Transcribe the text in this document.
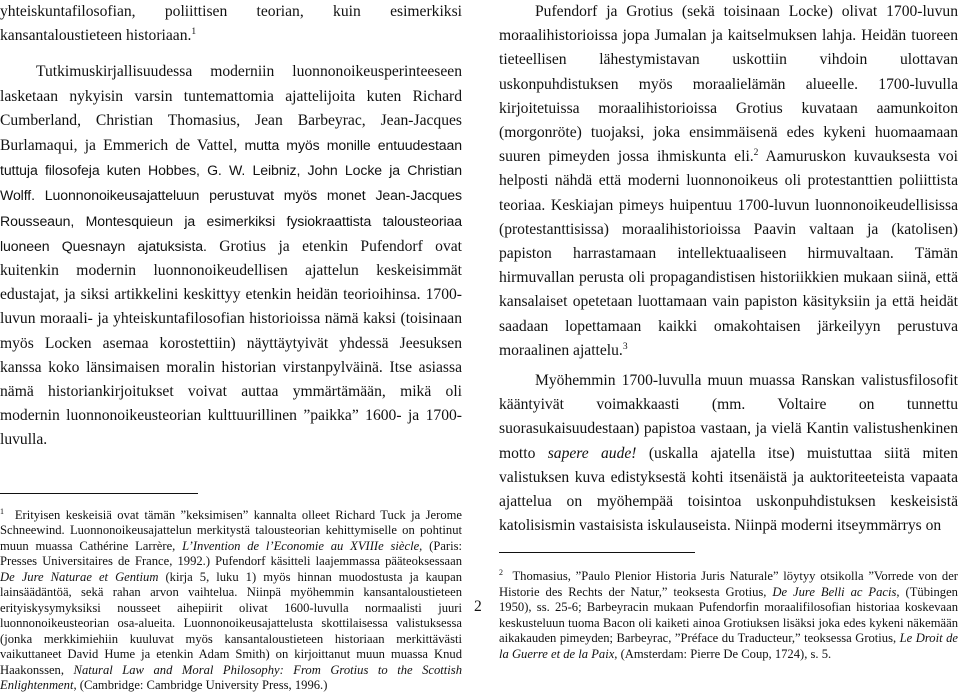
yhteiskuntafilosofian, poliittisen teorian, kuin esimerkiksi kansantaloustieteen historiaan.$^1$

Tutkimuskirjallisuudessa moderniin luonnonoikeusperinteeseen lasketaan nykyisin varsin tuntemattomia ajattelijoita kuten Richard Cumberland, Christian Thomasius, Jean Barbeyrac, Jean-Jacques Burlamaqui, ja Emmerich de Vattel, mutta myös monille entuudestaan tuttuja filosofeja kuten Hobbes, G. W. Leibniz, John Locke ja Christian Wolff. Luonnonoikeusajatteluun perustuvat myös monet Jean-Jacques Rousseaun, Montesquieun ja esimerkiksi fysiokraattista talousteoriaa luoneen Quesnayn ajatuksista. Grotius ja etenkin Pufendorf ovat kuitenkin modernin luonnonoikeudellisen ajattelun keskeisimmät edustajat, ja siksi artikkelini keskittyy etenkin heidän teorioihinsa. 1700-luvun moraali- ja yhteiskuntafilosofian historioissa nämä kaksi (toisinaan myös Locken asemaa korostettiin) näyttäytyivät yhdessä Jeesuksen kanssa koko länsimaisen moralin historian virstanpylväinä. Itse asiassa nämä historiankirjoitukset voivat auttaa ymmärtämään, mikä oli modernin luonnonoikeusteorian kulttuurillinen ”paikka” 1600- ja 1700-luvulla.

$^1$ Erityisen keskeisiä ovat tämän ”keksimisen” kannalta olleet Richard Tuck ja Jerome Schneewind. Luonnonoikeusajattelun merkitystä talousteorian kehittymiselle on pohtinut muun muassa Cathérine Larrère, L’Invention de l’Economie au XVIIIe siècle, (Paris: Presses Universitaires de France, 1992.) Pufendorf käsitteli laajemmassa pääteoksessaan De Jure Naturae et Gentium (kirja 5, luku 1) myös hinnan muodostusta ja kaupan lainsäädäntöä, sekä rahan arvon vaihtelua. Niinpä myöhemmin kansantaloustieteen erityiskysymyksiksi nousseet aihepiirit olivat 1600-luvulla normaalisti juuri luonnonoikeusteorian osa-alueita. Luonnonoikeusajattelusta skottilaisessa valistuksessa (jonka merkkimiehiin kuuluvat myös kansantaloustieteen historiaan merkittävästi vaikuttaneet David Hume ja etenkin Adam Smith) on kirjoittanut muun muassa Knud Haakonssen, Natural Law and Moral Philosophy: From Grotius to the Scottish Enlightenment, (Cambridge: Cambridge University Press, 1996.)

2

Pufendorf ja Grotius (sekä toisinaan Locke) olivat 1700-luvun moraalihistorioissa jopa Jumalan ja kaitselmuksen lahja. Heidän tuoreen tieteellisen lähestymistavan uskottiin vihdoin ulottavan uskonpuhdistuksen myös moraalielämän alueelle. 1700-luvulla kirjoitetuissa moraalihistorioissa Grotius kuvataan aamunkoiton (morgonröte) tuojaksi, joka ensimmäisenä edes kykeni huomaamaan suuren pimeyden jossa ihmiskunta eli.$^2$ Aamuruskon kuvauksesta voi helposti nähdä että moderni luonnonoikeus oli protestanttien poliittista teoriaa. Keskiajan pimeys huipentuu 1700-luvun luonnonoikeudellisissa (protestanttisissa) moraalihistorioissa Paavin valtaan ja (katolisen) papiston harrastamaan intellektuaaliseen hirmuvaltaan. Tämän hirmuvallan perusta oli propagandistisen historiikkien mukaan siinä, että kansalaiset opetetaan luottamaan vain papiston käsityksiin ja että heidät saadaan lopettamaan kaikki omakohtaisen järkeilyyn perustuva moraalinen ajattelu.$^3$

Myöhemmin 1700-luvulla muun muassa Ranskan valistusfilosofit kääntyivät voimakkaasti (mm. Voltaire on tunnettu suorasukaisuudestaan) papistoa vastaan, ja vielä Kantin valistushenkinen motto sapere aude! (uskalla ajatella itse) muistuttaa siitä miten valistuksen kuva edistyksestä kohti itsenäistä ja auktoriteeteista vapaata ajattelua on myöhempää toisintoa uskonpuhdistuksen keskeisistä katolisismin vastaisista iskulauseista. Niinpä moderni itseymmärrys on

$^2$ Thomasius, ”Paulo Plenior Historia Juris Naturale” löytyy otsikolla ”Vorrede von der Historie des Rechts der Natur,” teoksesta Grotius, De Jure Belli ac Pacis, (Tübingen 1950), ss. 25-6; Barbeyracin mukaan Pufendorfin moraalifilosofian historiaa koskevaan keskusteluun tuoma Bacon oli kaiketi ainoa Grotiuksen lisäksi joka edes kykeni näkemään aikakauden pimeyden; Barbeyrac, ”Préface du Traducteur,” teoksessa Grotius, Le Droit de la Guerre et de la Paix, (Amsterdam: Pierre De Coup, 1724), s. 5.
